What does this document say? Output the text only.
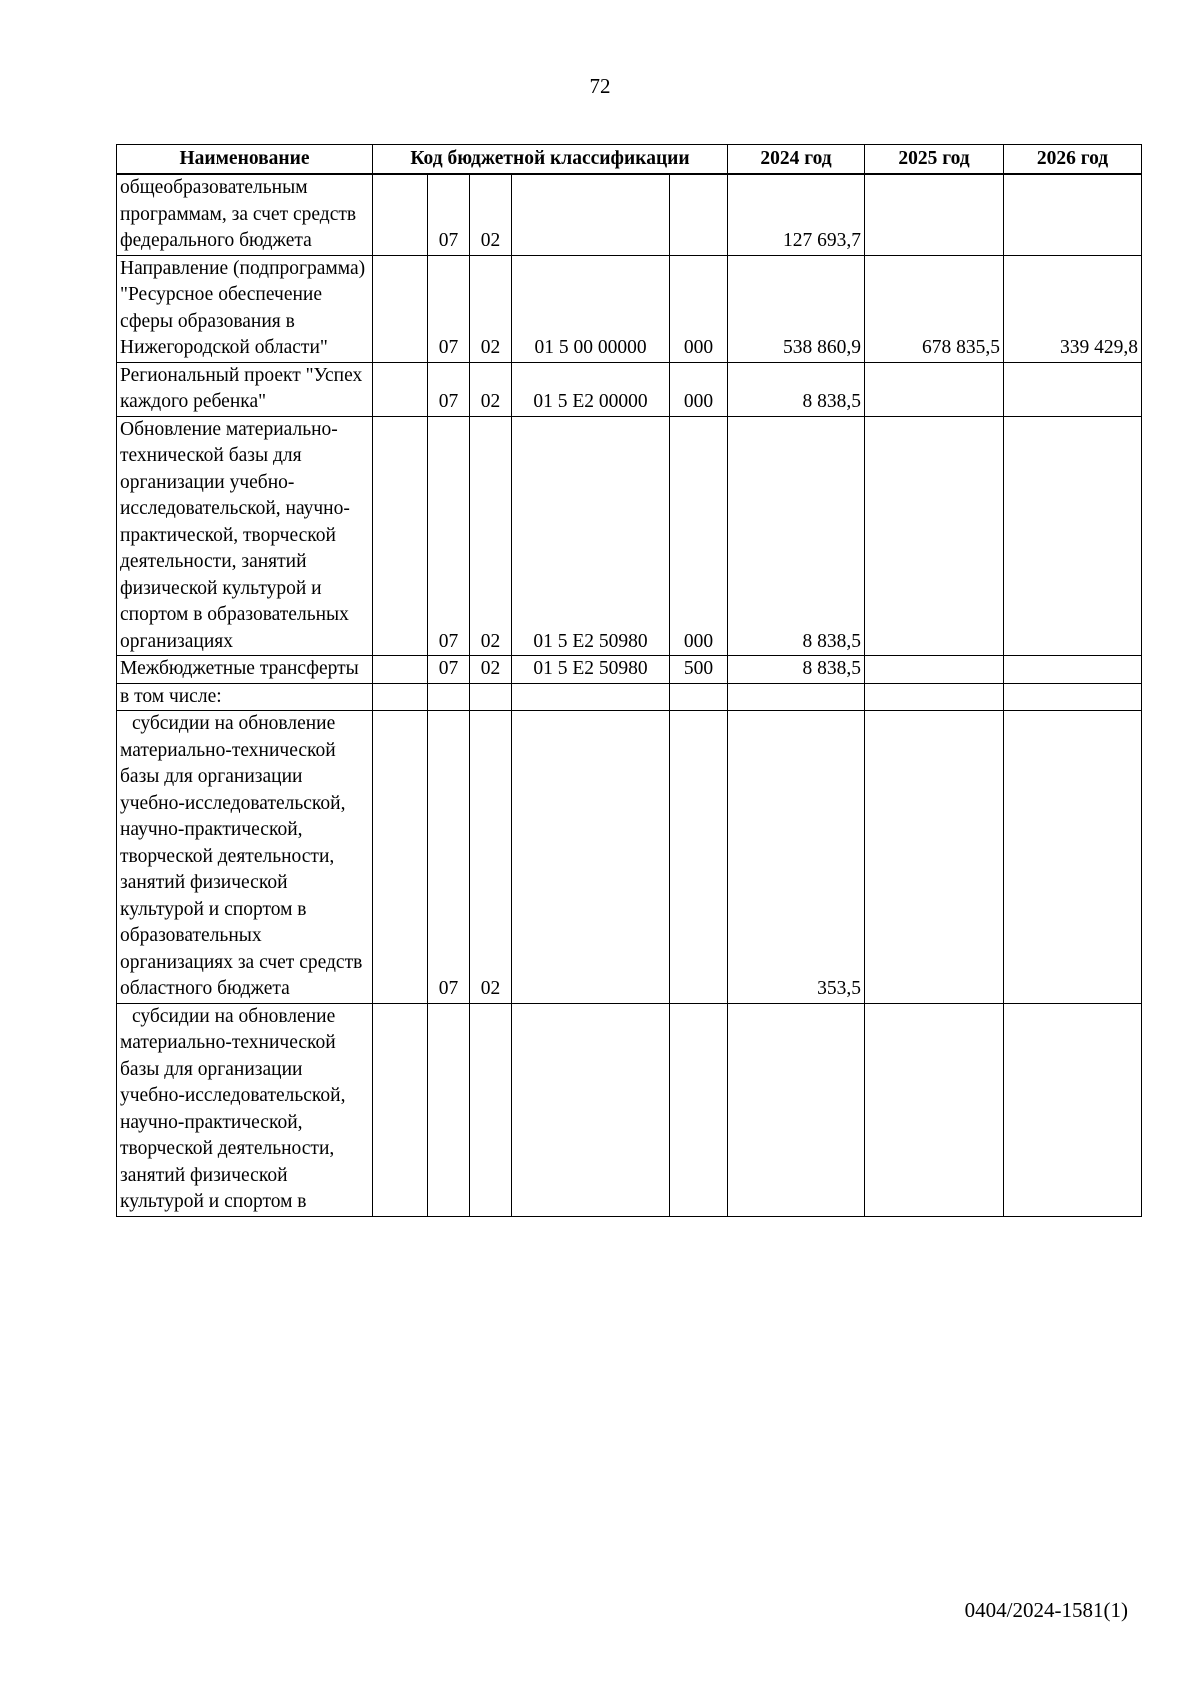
72
Наименование	Код бюджетной классификации					2024 год	2025 год	2026 год
общеобразовательным программам, за счет средств федерального бюджета		07	02			127 693,7		
Направление (подпрограмма) "Ресурсное обеспечение сферы образования в Нижегородской области"		07	02	01 5 00 00000	000	538 860,9	678 835,5	339 429,8
Региональный проект "Успех каждого ребенка"		07	02	01 5 E2 00000	000	8 838,5		
Обновление материально-технической базы для организации учебно-исследовательской, научно-практической, творческой деятельности, занятий физической культурой и спортом в образовательных организациях		07	02	01 5 E2 50980	000	8 838,5		
Межбюджетные трансферты		07	02	01 5 E2 50980	500	8 838,5		
в том числе:								
субсидии на обновление материально-технической базы для организации учебно-исследовательской, научно-практической, творческой деятельности, занятий физической культурой и спортом в образовательных организациях за счет средств областного бюджета		07	02			353,5		
субсидии на обновление материально-технической базы для организации учебно-исследовательской, научно-практической, творческой деятельности, занятий физической культурой и спортом в								
0404/2024-1581(1)
